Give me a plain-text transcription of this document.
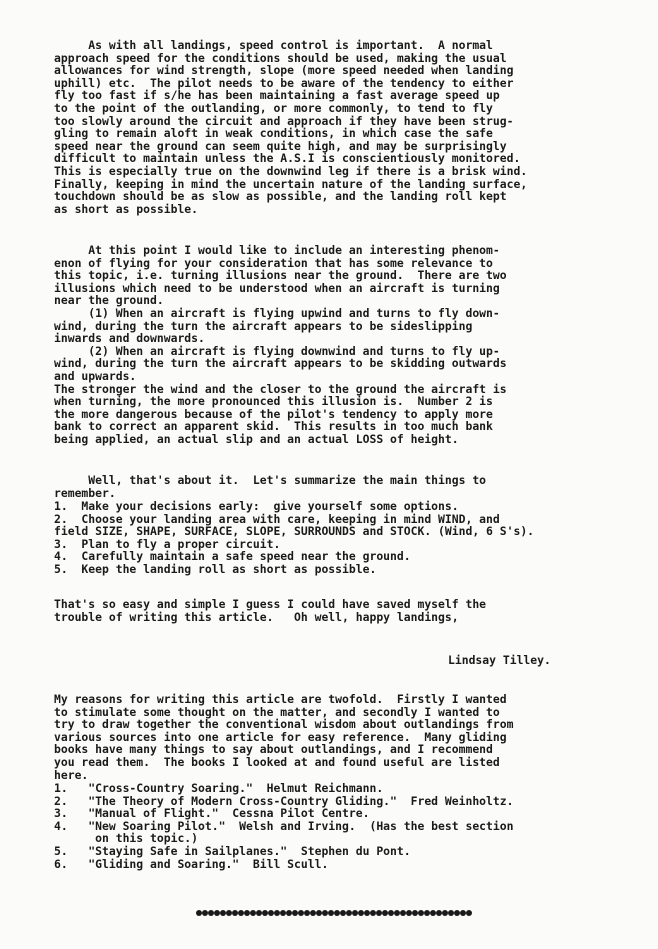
As with all landings, speed control is important.  A normal
approach speed for the conditions should be used, making the usual
allowances for wind strength, slope (more speed needed when landing
uphill) etc.  The pilot needs to be aware of the tendency to either
fly too fast if s/he has been maintaining a fast average speed up
to the point of the outlanding, or more commonly, to tend to fly
too slowly around the circuit and approach if they have been strug-
gling to remain aloft in weak conditions, in which case the safe
speed near the ground can seem quite high, and may be surprisingly
difficult to maintain unless the A.S.I is conscientiously monitored.
This is especially true on the downwind leg if there is a brisk wind.
Finally, keeping in mind the uncertain nature of the landing surface,
touchdown should be as slow as possible, and the landing roll kept
as short as possible.
At this point I would like to include an interesting phenom-
enon of flying for your consideration that has some relevance to
this topic, i.e. turning illusions near the ground.  There are two
illusions which need to be understood when an aircraft is turning
near the ground.
(1) When an aircraft is flying upwind and turns to fly down-
wind, during the turn the aircraft appears to be sideslipping
inwards and downwards.
(2) When an aircraft is flying downwind and turns to fly up-
wind, during the turn the aircraft appears to be skidding outwards
and upwards.
The stronger the wind and the closer to the ground the aircraft is
when turning, the more pronounced this illusion is.  Number 2 is
the more dangerous because of the pilot's tendency to apply more
bank to correct an apparent skid.  This results in too much bank
being applied, an actual slip and an actual LOSS of height.
Well, that's about it.  Let's summarize the main things to
remember.
1.  Make your decisions early:  give yourself some options.
2.  Choose your landing area with care, keeping in mind WIND, and
field SIZE, SHAPE, SURFACE, SLOPE, SURROUNDS and STOCK. (Wind, 6 S's).
3.  Plan to fly a proper circuit.
4.  Carefully maintain a safe speed near the ground.
5.  Keep the landing roll as short as possible.
That's so easy and simple I guess I could have saved myself the
trouble of writing this article.   Oh well, happy landings,
Lindsay Tilley.
My reasons for writing this article are twofold.  Firstly I wanted
to stimulate some thought on the matter, and secondly I wanted to
try to draw together the conventional wisdom about outlandings from
various sources into one article for easy reference.  Many gliding
books have many things to say about outlandings, and I recommend
you read them.  The books I looked at and found useful are listed
here.
1.   "Cross-Country Soaring."  Helmut Reichmann.
2.   "The Theory of Modern Cross-Country Gliding."  Fred Weinholtz.
3.   "Manual of Flight."  Cessna Pilot Centre.
4.   "New Soaring Pilot."  Welsh and Irving.  (Has the best section
on this topic.)
5.   "Staying Safe in Sailplanes."  Stephen du Pont.
6.   "Gliding and Soaring."  Bill Scull.
